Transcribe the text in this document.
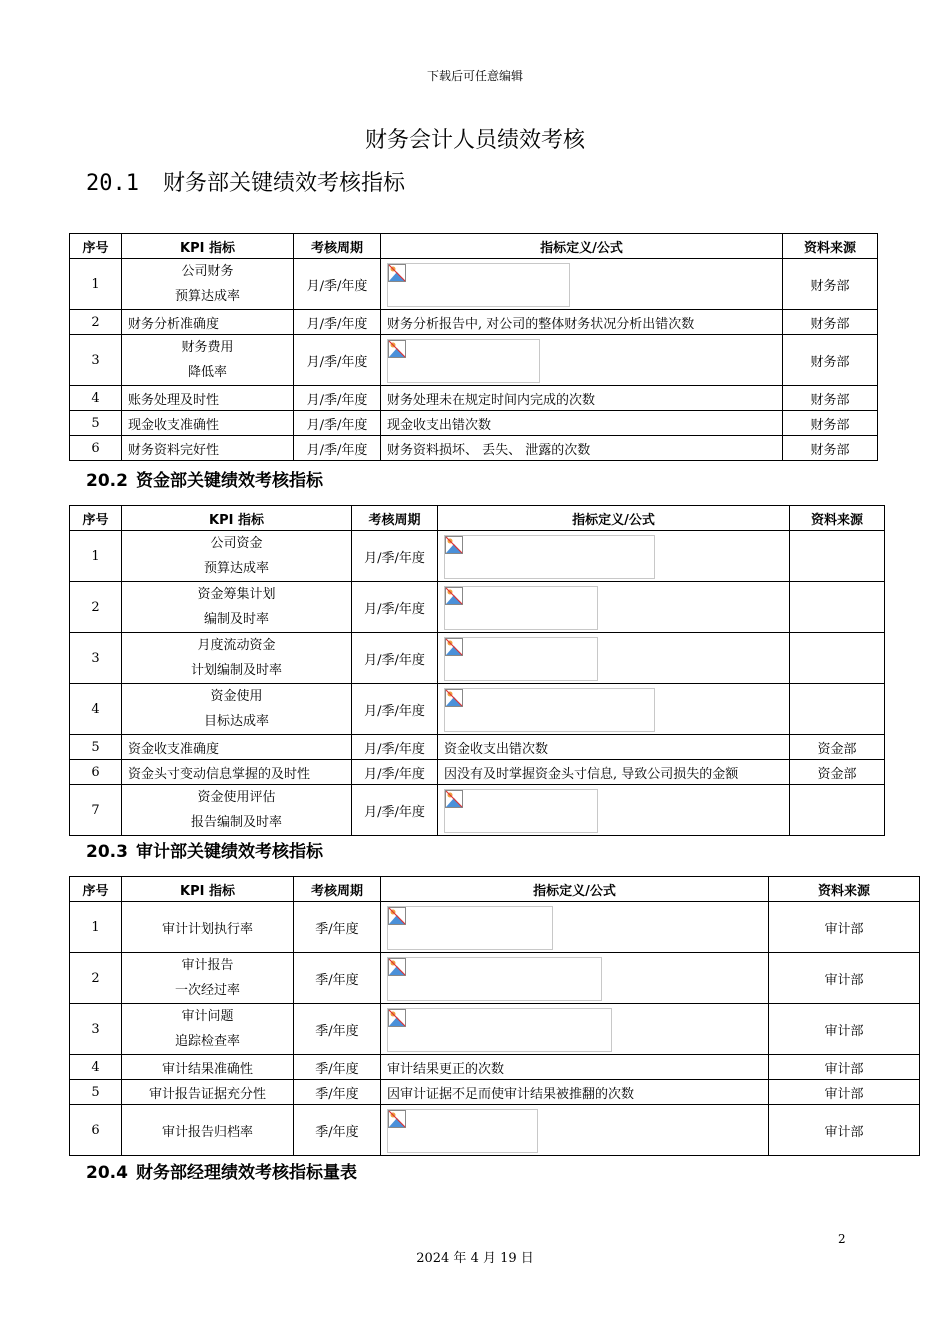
下载后可任意编辑
财务会计人员绩效考核
20.1 财务部关键绩效考核指标
序号	KPI 指标	考核周期	指标定义/公式	资料来源
1	公司财务
预算达成率	月/季/年度		财务部
2	财务分析准确度	月/季/年度	财务分析报告中, 对公司的整体财务状况分析出错次数	财务部
3	财务费用
降低率	月/季/年度		财务部
4	账务处理及时性	月/季/年度	财务处理未在规定时间内完成的次数	财务部
5	现金收支准确性	月/季/年度	现金收支出错次数	财务部
6	财务资料完好性	月/季/年度	财务资料损坏、 丢失、 泄露的次数	财务部
20.2 资金部关键绩效考核指标
序号	KPI 指标	考核周期	指标定义/公式	资料来源
1	公司资金
预算达成率	月/季/年度	

2	资金筹集计划
编制及时率	月/季/年度	

3	月度流动资金
计划编制及时率	月/季/年度	

4	资金使用
目标达成率	月/季/年度	

5	资金收支准确度	月/季/年度	资金收支出错次数	资金部
6	资金头寸变动信息掌握的及时性	月/季/年度	因没有及时掌握资金头寸信息, 导致公司损失的金额	资金部
7	资金使用评估
报告编制及时率	月/季/年度	

20.3 审计部关键绩效考核指标
序号	KPI 指标	考核周期	指标定义/公式	资料来源
1	审计计划执行率	季/年度		审计部
2	审计报告
一次经过率	季/年度		审计部
3	审计问题
追踪检查率	季/年度		审计部
4	审计结果准确性	季/年度	审计结果更正的次数	审计部
5	审计报告证据充分性	季/年度	因审计证据不足而使审计结果被推翻的次数	审计部
6	审计报告归档率	季/年度		审计部
20.4 财务部经理绩效考核指标量表
2
2024 年 4 月 19 日
